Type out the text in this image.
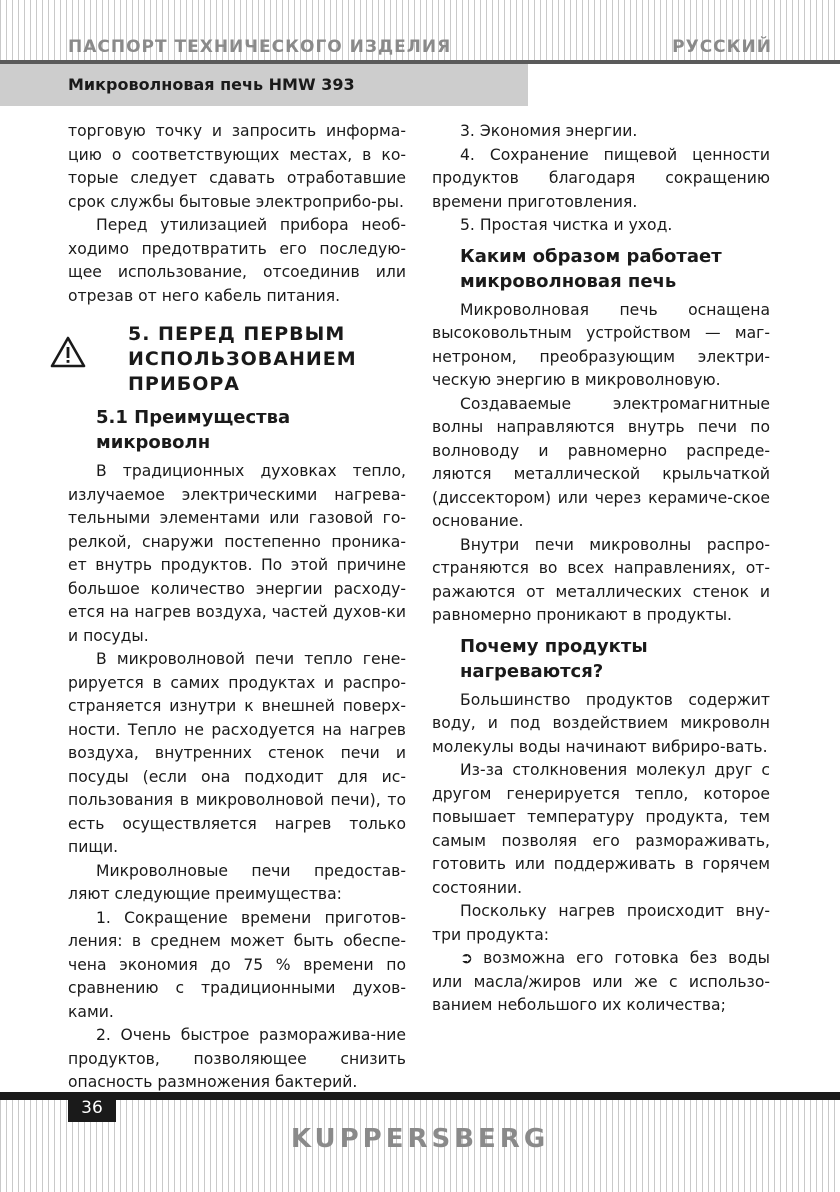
ПАСПОРТ ТЕХНИЧЕСКОГО ИЗДЕЛИЯ	РУССКИЙ
Микроволновая печь HMW 393

торговую точку и запросить информа-цию о соответствующих местах, в ко-торые следует сдавать отработавшие срок службы бытовые электроприбо-ры.

Перед утилизацией прибора необ-ходимо предотвратить его последую-щее использование, отсоединив или отрезав от него кабель питания.

5. ПЕРЕД ПЕРВЫМ ИСПОЛЬЗОВАНИЕМ ПРИБОРА
5.1 Преимущества микроволн

В традиционных духовках тепло, излучаемое электрическими нагрева-тельными элементами или газовой го-релкой, снаружи постепенно проника-ет внутрь продуктов. По этой причине большое количество энергии расходу-ется на нагрев воздуха, частей духов-ки и посуды.

В микроволновой печи тепло гене-рируется в самих продуктах и распро-страняется изнутри к внешней поверх-ности. Тепло не расходуется на нагрев воздуха, внутренних стенок печи и посуды (если она подходит для ис-пользования в микроволновой печи), то есть осуществляется нагрев только пищи.

Микроволновые печи предостав-ляют следующие преимущества:

1. Сокращение времени приготов-ления: в среднем может быть обеспе-чена экономия до 75 % времени по сравнению с традиционными духов-ками.

2. Очень быстрое разморажива-ние продуктов, позволяющее снизить опасность размножения бактерий.

3. Экономия энергии.

4. Сохранение пищевой ценности продуктов благодаря сокращению времени приготовления.

5. Простая чистка и уход.

Каким образом работает микроволновая печь

Микроволновая печь оснащена высоковольтным устройством — маг-нетроном, преобразующим электри-ческую энергию в микроволновую.

Создаваемые электромагнитные волны направляются внутрь печи по волноводу и равномерно распреде-ляются металлической крыльчаткой (диссектором) или через керамиче-ское основание.

Внутри печи микроволны распро-страняются во всех направлениях, от-ражаются от металлических стенок и равномерно проникают в продукты.

Почему продукты нагреваются?

Большинство продуктов содержит воду, и под воздействием микроволн молекулы воды начинают вибриро-вать.

Из-за столкновения молекул друг с другом генерируется тепло, которое повышает температуру продукта, тем самым позволяя его размораживать, готовить или поддерживать в горячем состоянии.

Поскольку нагрев происходит вну-три продукта:

➲ возможна его готовка без воды или масла/жиров или же с использо-ванием небольшого их количества;

36
KUPPERSBERG
